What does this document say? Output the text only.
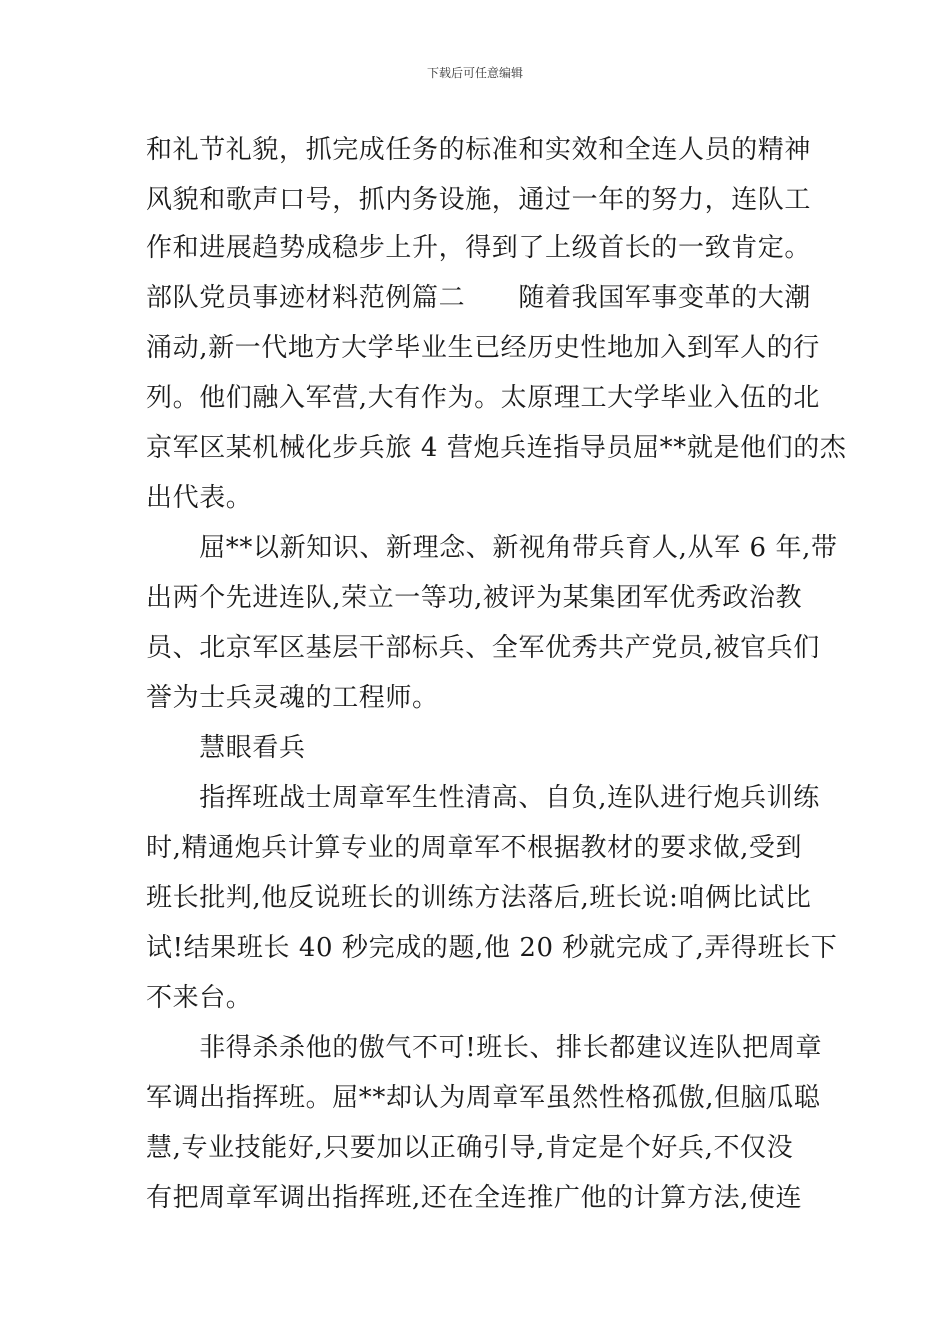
下载后可任意编辑
和礼节礼貌，抓完成任务的标准和实效和全连人员的精神
风貌和歌声口号，抓内务设施，通过一年的努力，连队工
作和进展趋势成稳步上升，得到了上级首长的一致肯定。
部队党员事迹材料范例篇二　　随着我国军事变革的大潮
涌动,新一代地方大学毕业生已经历史性地加入到军人的行
列。他们融入军营,大有作为。太原理工大学毕业入伍的北
京军区某机械化步兵旅 4 营炮兵连指导员屈**就是他们的杰
出代表。
　　屈**以新知识、新理念、新视角带兵育人,从军 6 年,带
出两个先进连队,荣立一等功,被评为某集团军优秀政治教
员、北京军区基层干部标兵、全军优秀共产党员,被官兵们
誉为士兵灵魂的工程师。
　　慧眼看兵
　　指挥班战士周章军生性清高、自负,连队进行炮兵训练
时,精通炮兵计算专业的周章军不根据教材的要求做,受到
班长批判,他反说班长的训练方法落后,班长说:咱俩比试比
试!结果班长 40 秒完成的题,他 20 秒就完成了,弄得班长下
不来台。
　　非得杀杀他的傲气不可!班长、排长都建议连队把周章
军调出指挥班。屈**却认为周章军虽然性格孤傲,但脑瓜聪
慧,专业技能好,只要加以正确引导,肯定是个好兵,不仅没
有把周章军调出指挥班,还在全连推广他的计算方法,使连
